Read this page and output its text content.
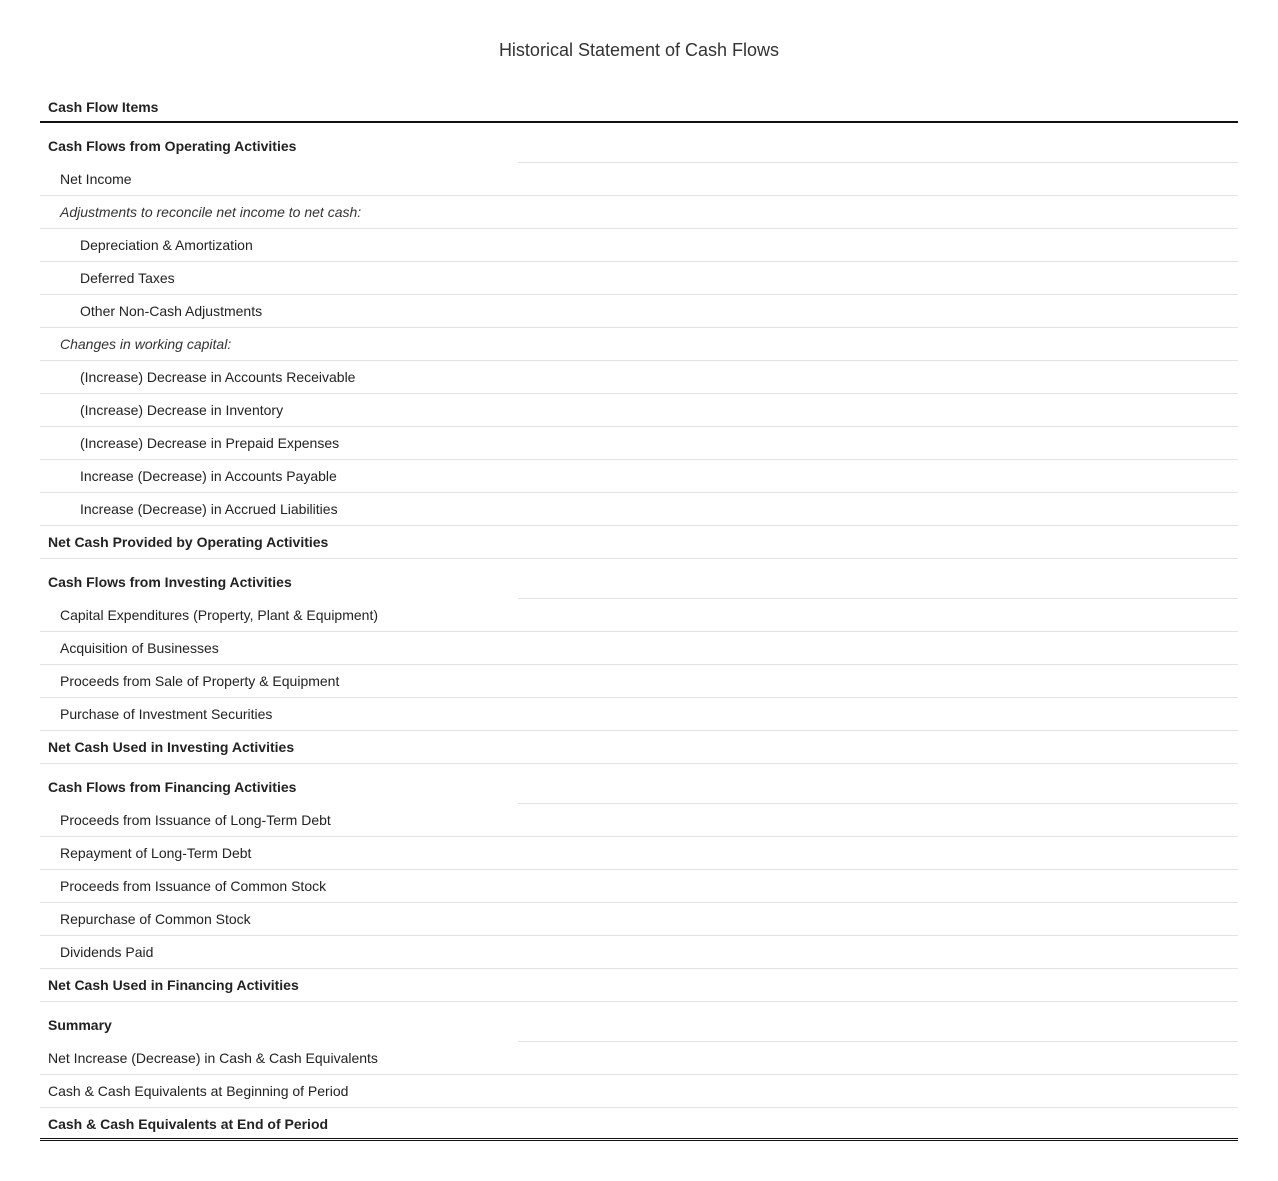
Historical Statement of Cash Flows
Cash Flow Items
Cash Flows from Operating Activities
Net Income
Adjustments to reconcile net income to net cash:
Depreciation & Amortization
Deferred Taxes
Other Non-Cash Adjustments
Changes in working capital:
(Increase) Decrease in Accounts Receivable
(Increase) Decrease in Inventory
(Increase) Decrease in Prepaid Expenses
Increase (Decrease) in Accounts Payable
Increase (Decrease) in Accrued Liabilities
Net Cash Provided by Operating Activities
Cash Flows from Investing Activities
Capital Expenditures (Property, Plant & Equipment)
Acquisition of Businesses
Proceeds from Sale of Property & Equipment
Purchase of Investment Securities
Net Cash Used in Investing Activities
Cash Flows from Financing Activities
Proceeds from Issuance of Long-Term Debt
Repayment of Long-Term Debt
Proceeds from Issuance of Common Stock
Repurchase of Common Stock
Dividends Paid
Net Cash Used in Financing Activities
Summary
Net Increase (Decrease) in Cash & Cash Equivalents
Cash & Cash Equivalents at Beginning of Period
Cash & Cash Equivalents at End of Period
